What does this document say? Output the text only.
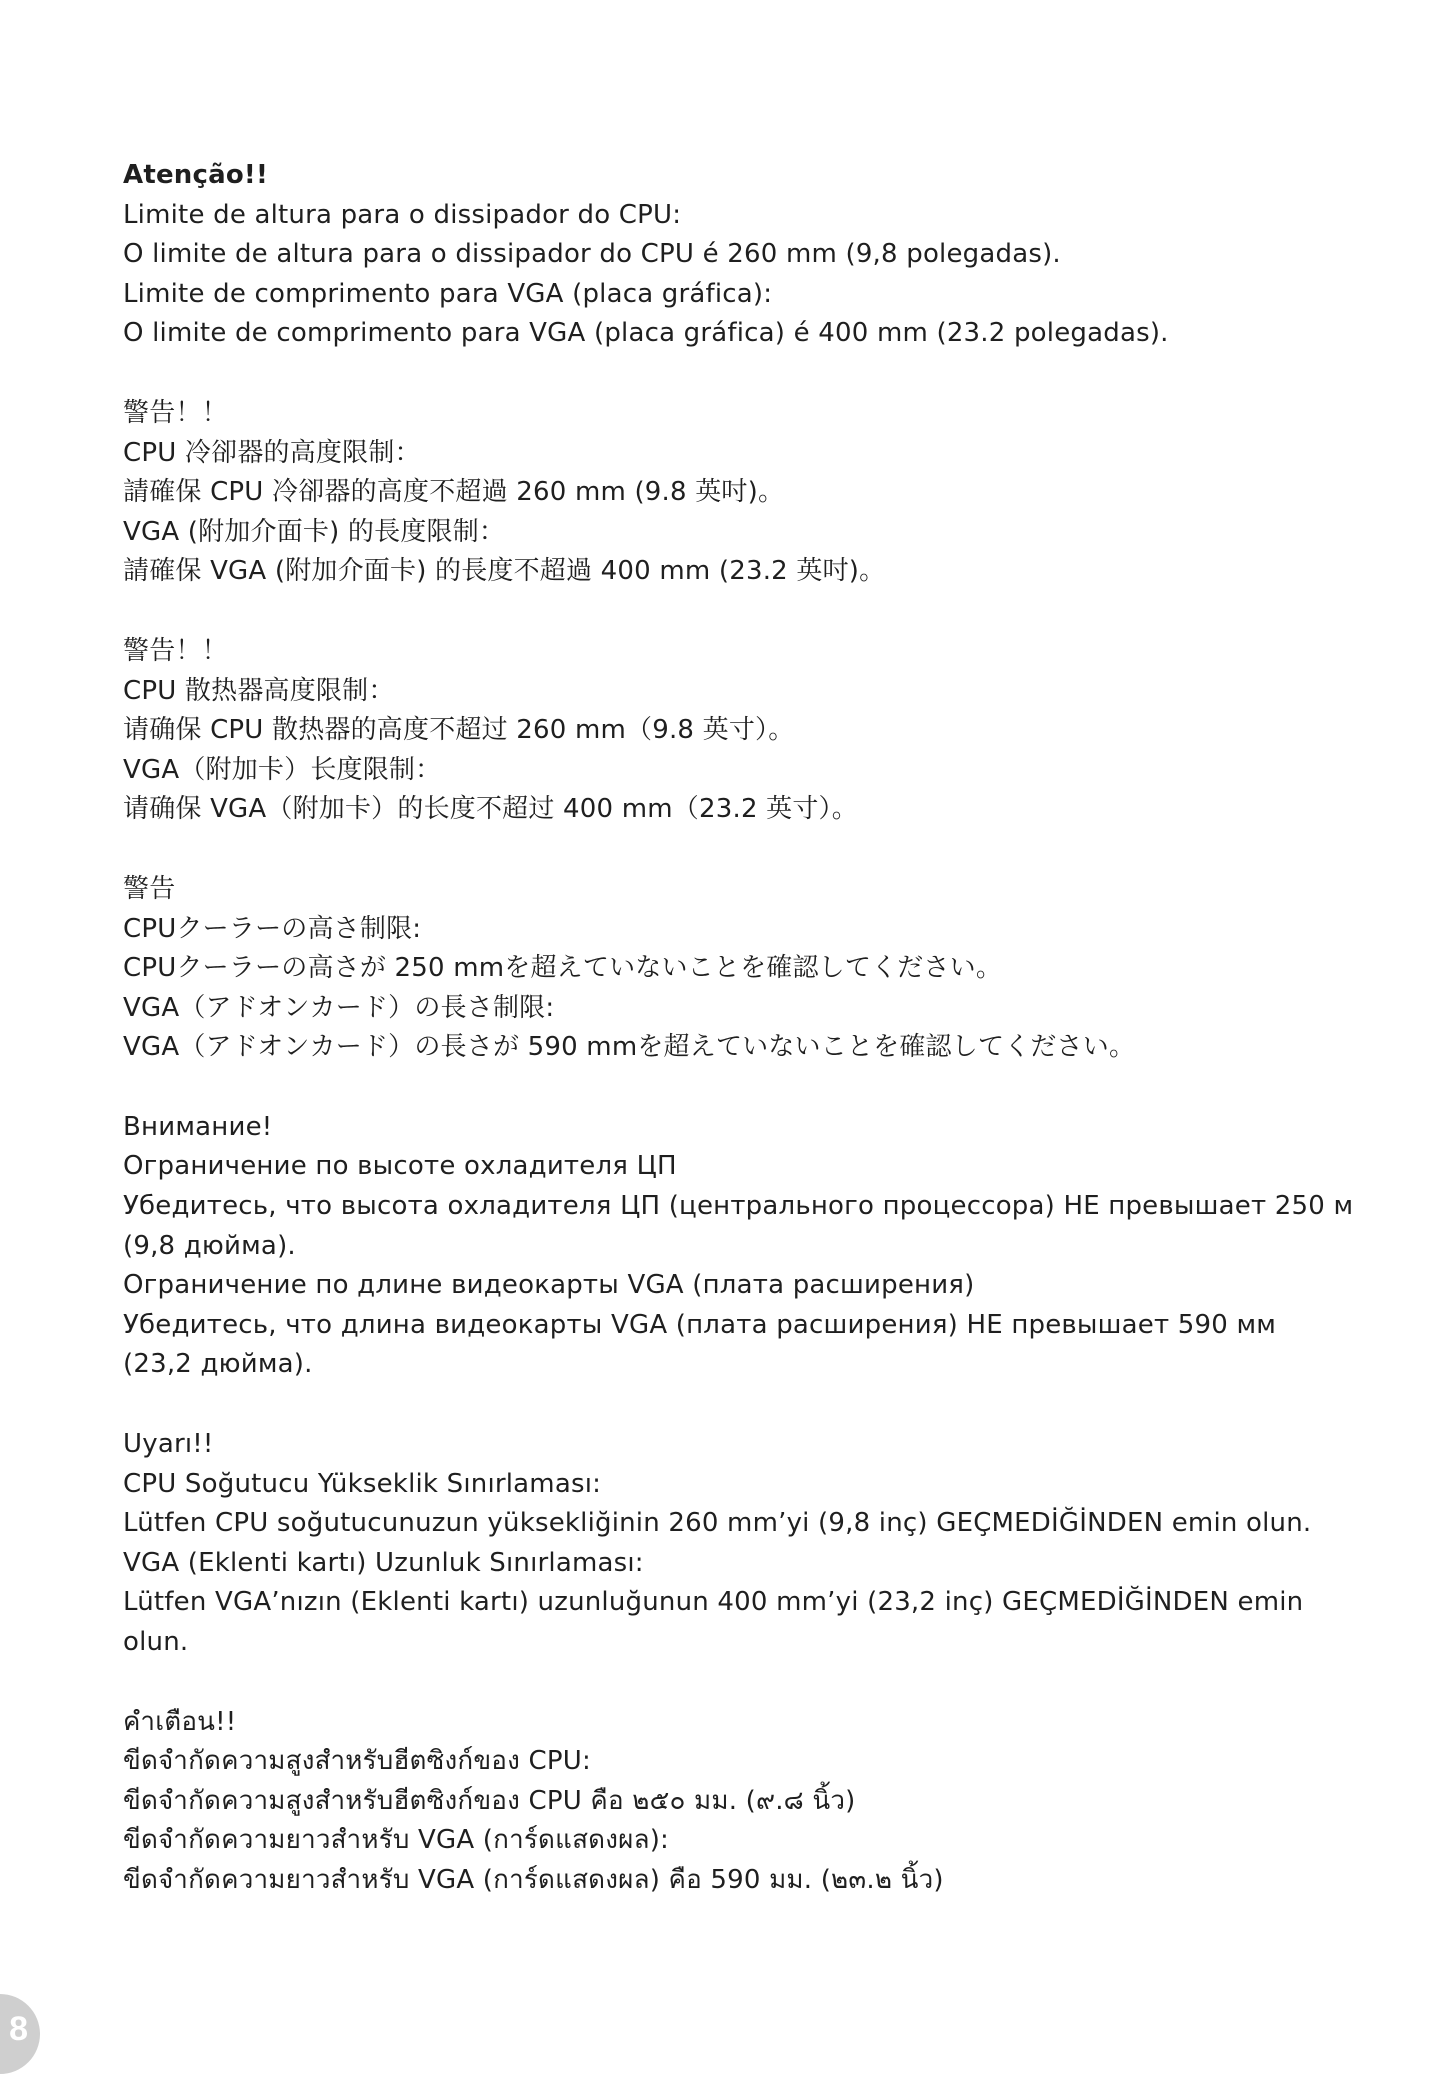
Atenção!!
Limite de altura para o dissipador do CPU:
O limite de altura para o dissipador do CPU é 260 mm (9,8 polegadas).
Limite de comprimento para VGA (placa gráfica):
O limite de comprimento para VGA (placa gráfica) é 400 mm (23.2 polegadas).
警告！！
CPU 冷卻器的高度限制：
請確保 CPU 冷卻器的高度不超過 260 mm (9.8 英吋)。
VGA (附加介面卡) 的長度限制：
請確保 VGA (附加介面卡) 的長度不超過 400 mm (23.2 英吋)。
警告！！
CPU 散热器高度限制：
请确保 CPU 散热器的高度不超过 260 mm（9.8 英寸）。
VGA（附加卡）长度限制：
请确保 VGA（附加卡）的长度不超过 400 mm（23.2 英寸）。
警告
CPUクーラーの高さ制限:
CPUクーラーの高さが 250 mmを超えていないことを確認してください。
VGA（アドオンカード）の長さ制限:
VGA（アドオンカード）の長さが 590 mmを超えていないことを確認してください。
Внимание!
Ограничение по высоте охладителя ЦП
Убедитесь, что высота охладителя ЦП (центрального процессора) НЕ превышает 250 м
(9,8 дюйма).
Ограничение по длине видеокарты VGA (плата расширения)
Убедитесь, что длина видеокарты VGA (плата расширения) НЕ превышает 590 мм
(23,2 дюйма).
Uyarı!!
CPU Soğutucu Yükseklik Sınırlaması:
Lütfen CPU soğutucunuzun yüksekliğinin 260 mm’yi (9,8 inç) GEÇMEDİĞİNDEN emin olun.
VGA (Eklenti kartı) Uzunluk Sınırlaması:
Lütfen VGA’nızın (Eklenti kartı) uzunluğunun 400 mm’yi (23,2 inç) GEÇMEDİĞİNDEN emin
olun.
คำเตือน!!
ขีดจำกัดความสูงสำหรับฮีตซิงก์ของ CPU:
ขีดจำกัดความสูงสำหรับฮีตซิงก์ของ CPU คือ ๒๕๐ มม. (๙.๘ นิ้ว)
ขีดจำกัดความยาวสำหรับ VGA (การ์ดแสดงผล):
ขีดจำกัดความยาวสำหรับ VGA (การ์ดแสดงผล) คือ 590 มม. (๒๓.๒ นิ้ว)
8
